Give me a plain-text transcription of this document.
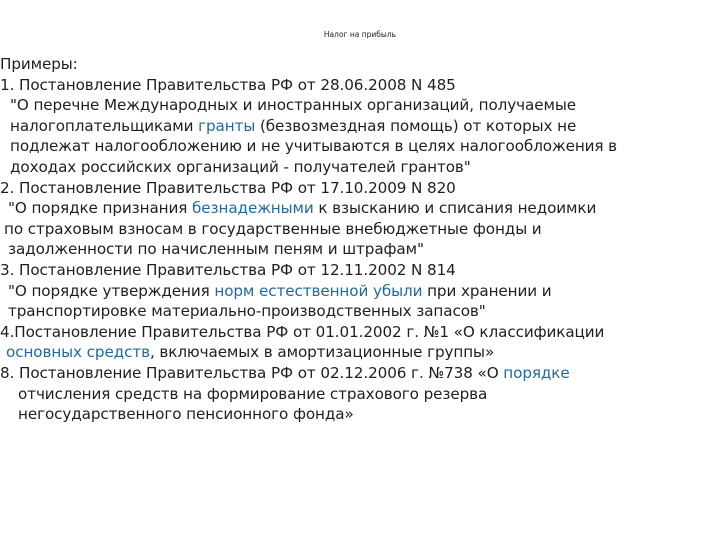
Налог на прибыль
Примеры:
1. Постановление Правительства РФ от 28.06.2008 N 485
"О перечне Международных и иностранных организаций, получаемые
налогоплательщиками гранты (безвозмездная помощь) от которых не
подлежат налогообложению и не учитываются в целях налогообложения в
доходах российских организаций - получателей грантов"
2. Постановление Правительства РФ от 17.10.2009 N 820
"О порядке признания безнадежными к взысканию и списания недоимки
по страховым взносам в государственные внебюджетные фонды и
задолженности по начисленным пеням и штрафам"
3. Постановление Правительства РФ от 12.11.2002 N 814
"О порядке утверждения норм естественной убыли при хранении и
транспортировке материально-производственных запасов"
4.Постановление Правительства РФ от 01.01.2002 г. №1 «О классификации
основных средств, включаемых в амортизационные группы»
8. Постановление Правительства РФ от 02.12.2006 г. №738 «О порядке
отчисления средств на формирование страхового резерва
негосударственного пенсионного фонда»
